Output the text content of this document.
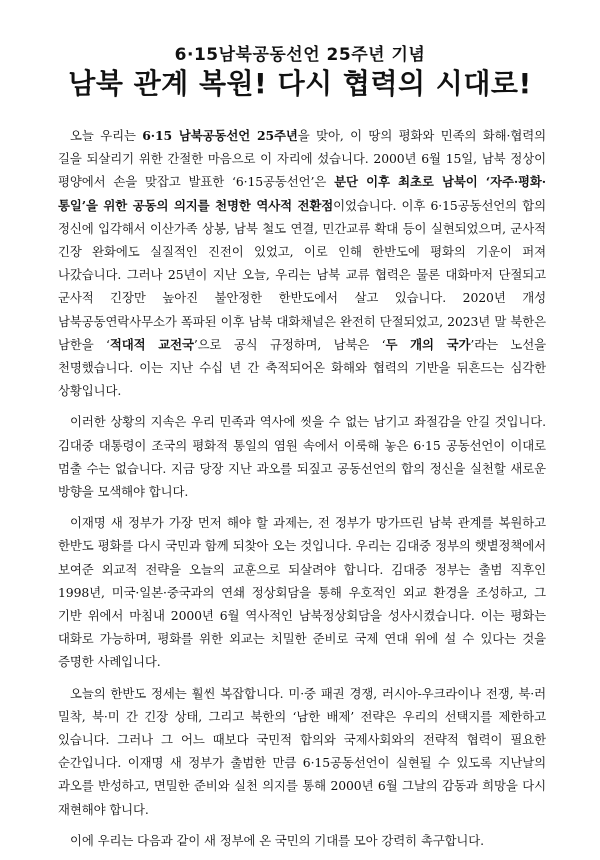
6·15남북공동선언 25주년 기념
남북 관계 복원! 다시 협력의 시대로!

오늘 우리는 6·15 남북공동선언 25주년을 맞아, 이 땅의 평화와 민족의 화해·협력의 길을 되살리기 위한 간절한 마음으로 이 자리에 섰습니다. 2000년 6월 15일, 남북 정상이 평양에서 손을 맞잡고 발표한 ‘6·15공동선언’은 분단 이후 최초로 남북이 ‘자주·평화·통일’을 위한 공동의 의지를 천명한 역사적 전환점이었습니다. 이후 6·15공동선언의 합의 정신에 입각해서 이산가족 상봉, 남북 철도 연결, 민간교류 확대 등이 실현되었으며, 군사적 긴장 완화에도 실질적인 진전이 있었고, 이로 인해 한반도에 평화의 기운이 퍼져 나갔습니다. 그러나 25년이 지난 오늘, 우리는 남북 교류 협력은 물론 대화마저 단절되고 군사적 긴장만 높아진 불안정한 한반도에서 살고 있습니다. 2020년 개성 남북공동연락사무소가 폭파된 이후 남북 대화채널은 완전히 단절되었고, 2023년 말 북한은 남한을 ‘적대적 교전국’으로 공식 규정하며, 남북은 ‘두 개의 국가’라는 노선을 천명했습니다. 이는 지난 수십 년 간 축적되어온 화해와 협력의 기반을 뒤흔드는 심각한 상황입니다.

이러한 상황의 지속은 우리 민족과 역사에 씻을 수 없는 남기고 좌절감을 안길 것입니다. 김대중 대통령이 조국의 평화적 통일의 염원 속에서 이룩해 놓은 6·15 공동선언이 이대로 멈출 수는 없습니다. 지금 당장 지난 과오를 되짚고 공동선언의 합의 정신을 실천할 새로운 방향을 모색해야 합니다.

이재명 새 정부가 가장 먼저 해야 할 과제는, 전 정부가 망가뜨린 남북 관계를 복원하고 한반도 평화를 다시 국민과 함께 되찾아 오는 것입니다. 우리는 김대중 정부의 햇볕정책에서 보여준 외교적 전략을 오늘의 교훈으로 되살려야 합니다. 김대중 정부는 출범 직후인 1998년, 미국·일본·중국과의 연쇄 정상회담을 통해 우호적인 외교 환경을 조성하고, 그 기반 위에서 마침내 2000년 6월 역사적인 남북정상회담을 성사시켰습니다. 이는 평화는 대화로 가능하며, 평화를 위한 외교는 치밀한 준비로 국제 연대 위에 설 수 있다는 것을 증명한 사례입니다.

오늘의 한반도 정세는 훨씬 복잡합니다. 미·중 패권 경쟁, 러시아-우크라이나 전쟁, 북·러 밀착, 북·미 간 긴장 상태, 그리고 북한의 ‘남한 배제’ 전략은 우리의 선택지를 제한하고 있습니다. 그러나 그 어느 때보다 국민적 합의와 국제사회와의 전략적 협력이 필요한 순간입니다. 이재명 새 정부가 출범한 만큼 6·15공동선언이 실현될 수 있도록 지난날의 과오를 반성하고, 면밀한 준비와 실천 의지를 통해 2000년 6월 그날의 감동과 희망을 다시 재현해야 합니다.

이에 우리는 다음과 같이 새 정부에 온 국민의 기대를 모아 강력히 촉구합니다.
